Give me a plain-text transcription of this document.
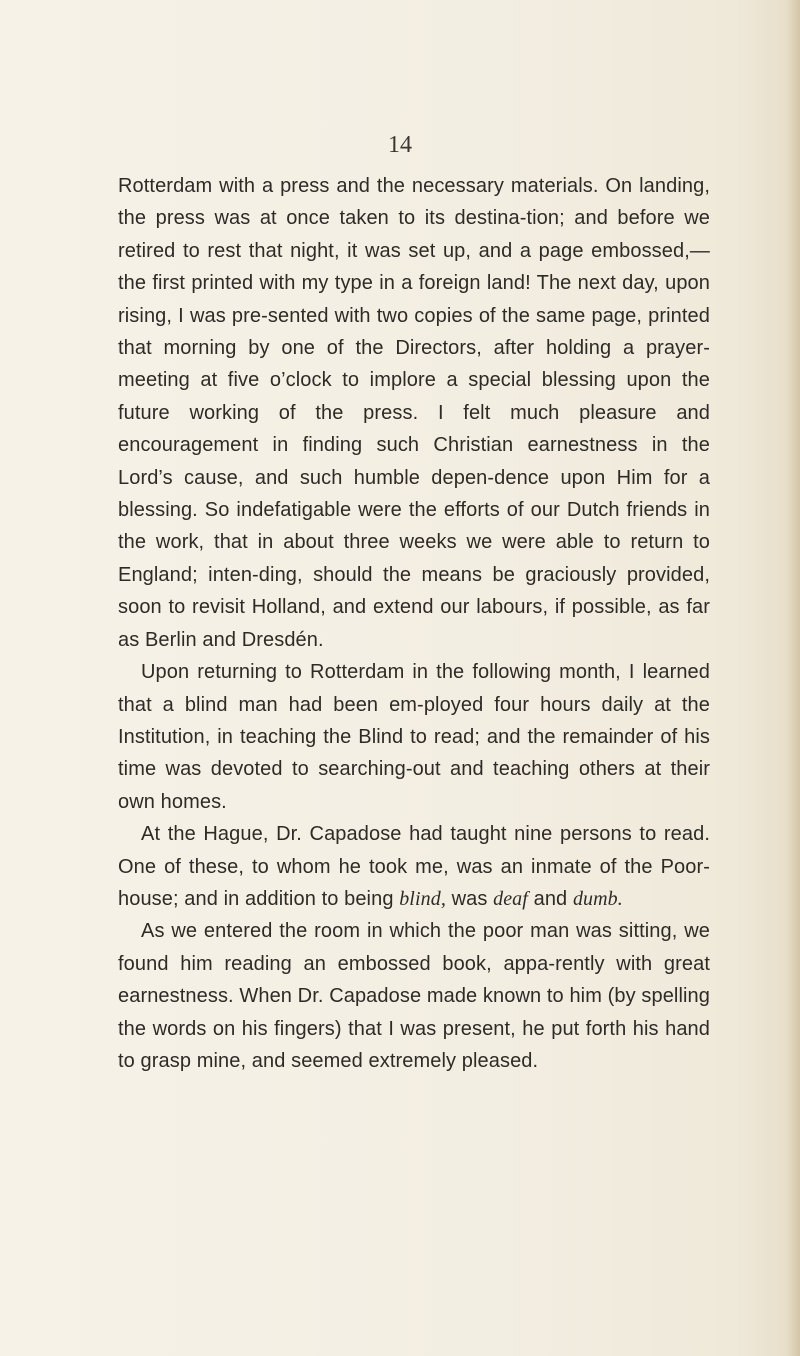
14

Rotterdam with a press and the necessary materials. On landing, the press was at once taken to its destina-tion; and before we retired to rest that night, it was set up, and a page embossed,—the first printed with my type in a foreign land! The next day, upon rising, I was pre-sented with two copies of the same page, printed that morning by one of the Directors, after holding a prayer-meeting at five o’clock to implore a special blessing upon the future working of the press. I felt much pleasure and encouragement in finding such Christian earnestness in the Lord’s cause, and such humble depen-dence upon Him for a blessing. So indefatigable were the efforts of our Dutch friends in the work, that in about three weeks we were able to return to England; inten-ding, should the means be graciously provided, soon to revisit Holland, and extend our labours, if possible, as far as Berlin and Dresdén.

Upon returning to Rotterdam in the following month, I learned that a blind man had been em-ployed four hours daily at the Institution, in teaching the Blind to read; and the remainder of his time was devoted to searching-out and teaching others at their own homes.

At the Hague, Dr. Capadose had taught nine persons to read. One of these, to whom he took me, was an inmate of the Poor-house; and in addition to being blind, was deaf and dumb.

As we entered the room in which the poor man was sitting, we found him reading an embossed book, appa-rently with great earnestness. When Dr. Capadose made known to him (by spelling the words on his fingers) that I was present, he put forth his hand to grasp mine, and seemed extremely pleased.
